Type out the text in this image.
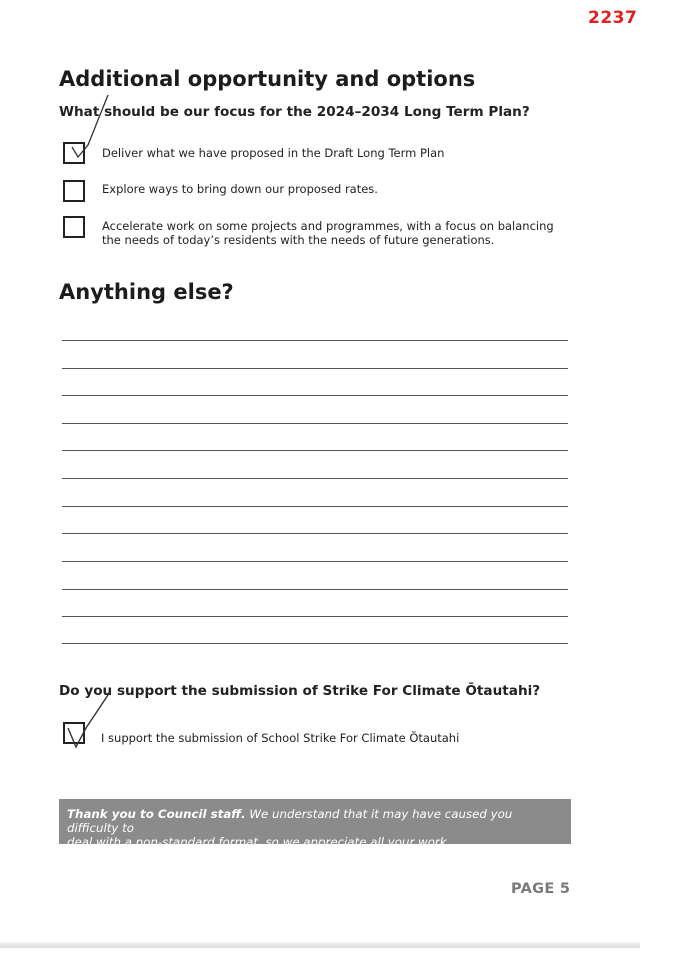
2237
Additional opportunity and options
What should be our focus for the 2024–2034 Long Term Plan?
Deliver what we have proposed in the Draft Long Term Plan
Explore ways to bring down our proposed rates.
Accelerate work on some projects and programmes, with a focus on balancing
the needs of today’s residents with the needs of future generations.
Anything else?
Do you support the submission of Strike For Climate Ōtautahi?
I support the submission of School Strike For Climate Ōtautahi
Thank you to Council staff. We understand that it may have caused you difficulty to
deal with a non-standard format, so we appreciate all your work.
PAGE 5
